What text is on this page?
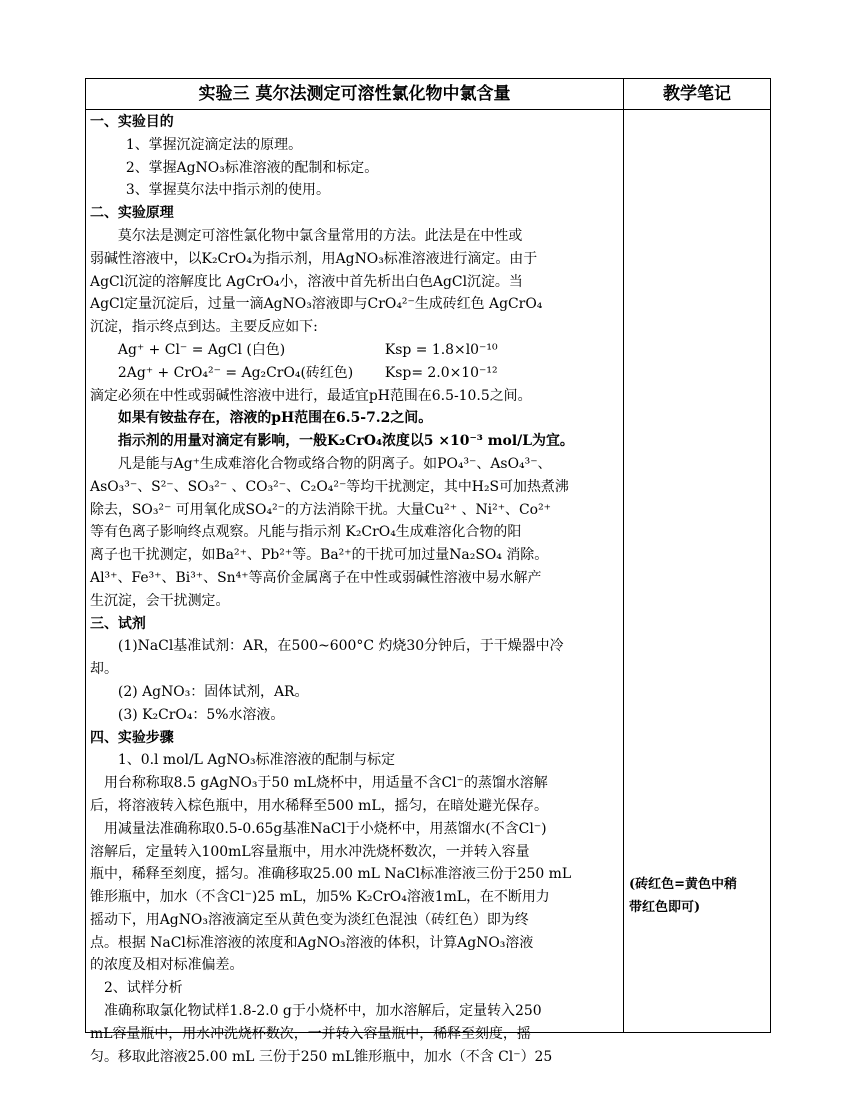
实验三 莫尔法测定可溶性氯化物中氯含量	教学笔记
一、实验目的
1、掌握沉淀滴定法的原理。
2、掌握AgNO₃标准溶液的配制和标定。
3、掌握莫尔法中指示剂的使用。
二、实验原理
莫尔法是测定可溶性氯化物中氯含量常用的方法。此法是在中性或
弱碱性溶液中，以K₂CrO₄为指示剂，用AgNO₃标准溶液进行滴定。由于
AgCl沉淀的溶解度比 AgCrO₄小，溶液中首先析出白色AgCl沉淀。当
AgCl定量沉淀后，过量一滴AgNO₃溶液即与CrO₄²⁻生成砖红色 AgCrO₄
沉淀，指示终点到达。主要反应如下:
Ag⁺ + Cl⁻ = AgCl (白色)	Ksp = 1.8×l0⁻¹⁰
2Ag⁺ + CrO₄²⁻ = Ag₂CrO₄(砖红色) Ksp= 2.0×10⁻¹²
滴定必须在中性或弱碱性溶液中进行，最适宜pH范围在6.5-10.5之间。
如果有铵盐存在，溶液的pH范围在6.5-7.2之间。
指示剂的用量对滴定有影响，一般K₂CrO₄浓度以5 ×10⁻³ mol/L为宜。
凡是能与Ag⁺生成难溶化合物或络合物的阴离子。如PO₄³⁻、AsO₄³⁻、
AsO₃³⁻、S²⁻、SO₃²⁻ 、CO₃²⁻、C₂O₄²⁻等均干扰测定，其中H₂S可加热煮沸
除去，SO₃²⁻ 可用氧化成SO₄²⁻的方法消除干扰。大量Cu²⁺ 、Ni²⁺、Co²⁺
等有色离子影响终点观察。凡能与指示剂 K₂CrO₄生成难溶化合物的阳
离子也干扰测定，如Ba²⁺、Pb²⁺等。Ba²⁺的干扰可加过量Na₂SO₄ 消除。
Al³⁺、Fe³⁺、Bi³⁺、Sn⁴⁺等高价金属离子在中性或弱碱性溶液中易水解产
生沉淀，会干扰测定。
三、试剂
(1)NaCl基准试剂：AR，在500~600°C 灼烧30分钟后，于干燥器中冷
却。
(2) AgNO₃：固体试剂，AR。
(3) K₂CrO₄：5%水溶液。
四、实验步骤
1、0.l mol/L AgNO₃标准溶液的配制与标定
用台称称取8.5 gAgNO₃于50 mL烧杯中，用适量不含Cl⁻的蒸馏水溶解
后，将溶液转入棕色瓶中，用水稀释至500 mL，摇匀，在暗处避光保存。
用减量法准确称取0.5-0.65g基准NaCl于小烧杯中，用蒸馏水(不含Cl⁻)
溶解后，定量转入100mL容量瓶中，用水冲洗烧杯数次，一并转入容量
瓶中，稀释至刻度，摇匀。准确移取25.00 mL NaCl标准溶液三份于250 mL
锥形瓶中，加水（不含Cl⁻)25 mL，加5% K₂CrO₄溶液1mL，在不断用力
摇动下，用AgNO₃溶液滴定至从黄色变为淡红色混浊（砖红色）即为终
点。根据 NaCl标准溶液的浓度和AgNO₃溶液的体积，计算AgNO₃溶液
的浓度及相对标准偏差。
2、试样分析
准确称取氯化物试样1.8-2.0 g于小烧杯中，加水溶解后，定量转入250
mL容量瓶中，用水冲洗烧杯数次，一并转入容量瓶中，稀释至刻度，摇
匀。移取此溶液25.00 mL 三份于250 mL锥形瓶中，加水（不含 Cl⁻）25
(砖红色=黄色中稍
带红色即可)
